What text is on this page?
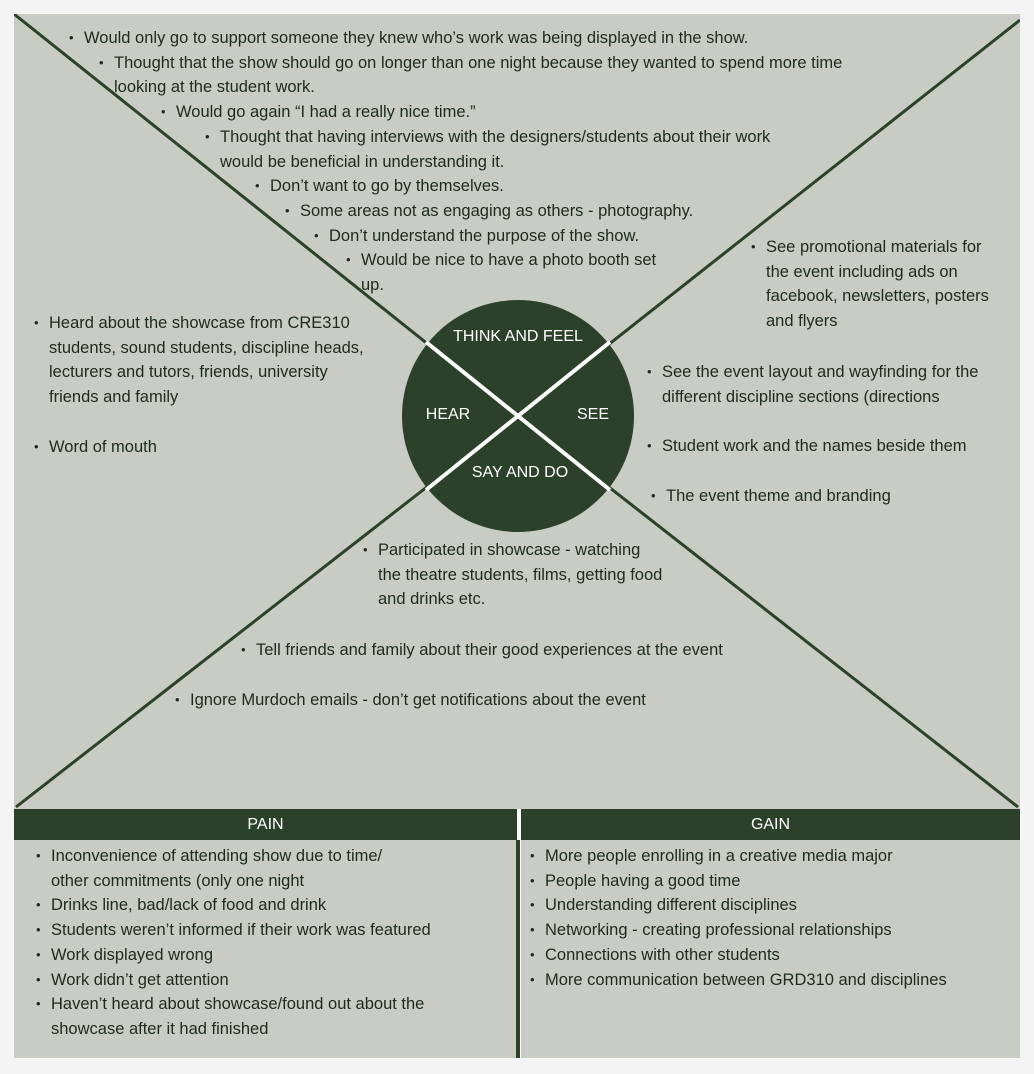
THINK AND FEEL
HEAR	SEE
SAY AND DO
• Would only go to support someone they knew who’s work was being displayed in the show.
• Thought that the show should go on longer than one night because they wanted to spend more time
looking at the student work.
• Would go again “I had a really nice time.”
• Thought that having interviews with the designers/students about their work
would be beneficial in understanding it.
• Don’t want to go by themselves.
• Some areas not as engaging as others - photography.
• Don’t understand the purpose of the show.
• Would be nice to have a photo booth set
up.
• Heard about the showcase from CRE310
students, sound students, discipline heads,
lecturers and tutors, friends, university
friends and family
• Word of mouth
• See promotional materials for
the event including ads on
facebook, newsletters, posters
and flyers
• See the event layout and wayfinding for the
different discipline sections (directions
• Student work and the names beside them
• The event theme and branding
• Participated in showcase - watching
the theatre students, films, getting food
and drinks etc.
• Tell friends and family about their good experiences at the event
• Ignore Murdoch emails - don’t get notifications about the event
PAIN	GAIN
• Inconvenience of attending show due to time/
other commitments (only one night
• Drinks line, bad/lack of food and drink
• Students weren’t informed if their work was featured
• Work displayed wrong
• Work didn’t get attention
• Haven’t heard about showcase/found out about the
showcase after it had finished
• More people enrolling in a creative media major
• People having a good time
• Understanding different disciplines
• Networking - creating professional relationships
• Connections with other students
• More communication between GRD310 and disciplines
